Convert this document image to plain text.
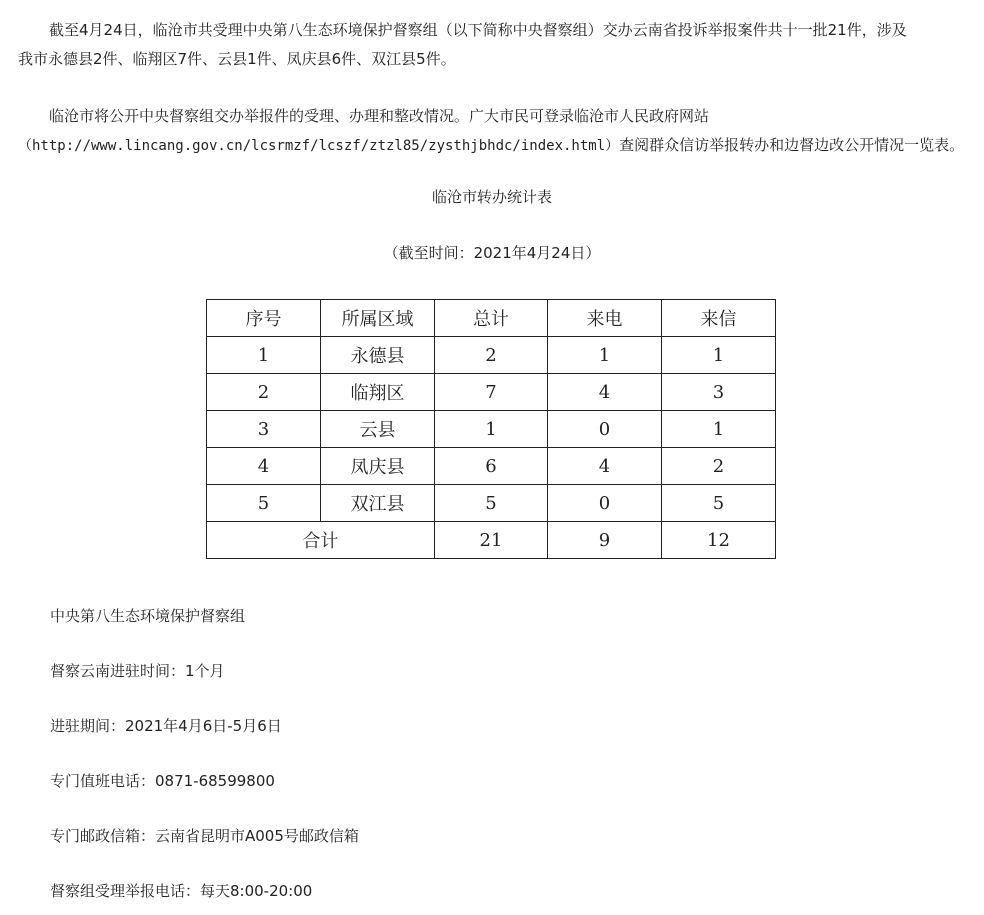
截至4月24日，临沧市共受理中央第八生态环境保护督察组（以下简称中央督察组）交办云南省投诉举报案件共十一批21件，涉及
我市永德县2件、临翔区7件、云县1件、凤庆县6件、双江县5件。

临沧市将公开中央督察组交办举报件的受理、办理和整改情况。广大市民可登录临沧市人民政府网站
（http://www.lincang.gov.cn/lcsrmzf/lcszf/ztzl85/zysthjbhdc/index.html）查阅群众信访举报转办和边督边改公开情况一览表。

临沧市转办统计表
（截至时间：2021年4月24日）
序号	所属区域	总计	来电	来信
1	永德县	2	1	1
2	临翔区	7	4	3
3	云县	1	0	1
4	凤庆县	6	4	2
5	双江县	5	0	5
合计		21	9	12

中央第八生态环境保护督察组

督察云南进驻时间：1个月

进驻期间：2021年4月6日-5月6日

专门值班电话：0871-68599800

专门邮政信箱：云南省昆明市A005号邮政信箱

督察组受理举报电话：每天8:00-20:00
